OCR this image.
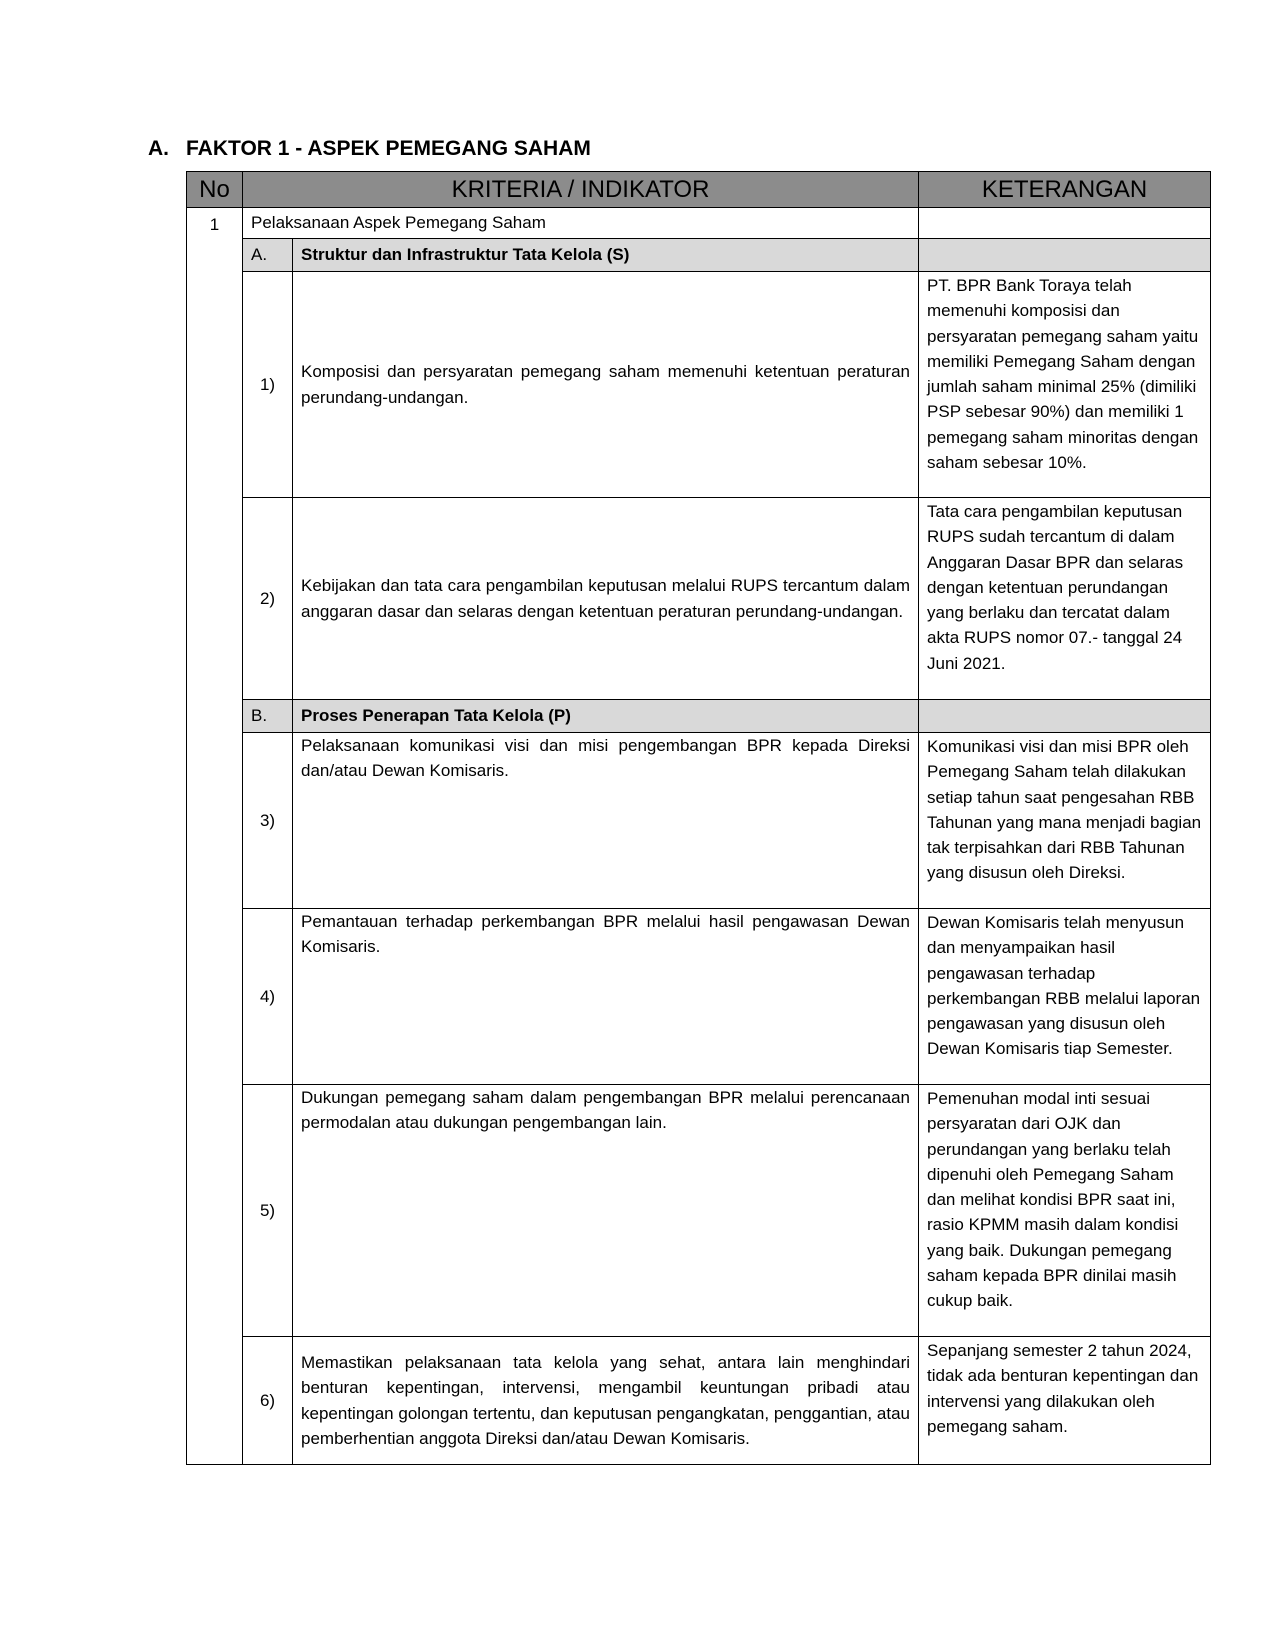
A. FAKTOR 1 - ASPEK PEMEGANG SAHAM
No	KRITERIA / INDIKATOR		KETERANGAN
1	Pelaksanaan Aspek Pemegang Saham		
	A.	Struktur dan Infrastruktur Tata Kelola (S)	
	1)	Komposisi dan persyaratan pemegang saham memenuhi ketentuan peraturan perundang-undangan.	PT. BPR Bank Toraya telah memenuhi komposisi dan persyaratan pemegang saham yaitu memiliki Pemegang Saham dengan jumlah saham minimal 25% (dimiliki PSP sebesar 90%) dan memiliki 1 pemegang saham minoritas dengan saham sebesar 10%.
	2)	Kebijakan dan tata cara pengambilan keputusan melalui RUPS tercantum dalam anggaran dasar dan selaras dengan ketentuan peraturan perundang-undangan.	Tata cara pengambilan keputusan RUPS sudah tercantum di dalam Anggaran Dasar BPR dan selaras dengan ketentuan perundangan yang berlaku dan tercatat dalam akta RUPS nomor 07.- tanggal 24 Juni 2021.
	B.	Proses Penerapan Tata Kelola (P)	
	3)	Pelaksanaan komunikasi visi dan misi pengembangan BPR kepada Direksi dan/atau Dewan Komisaris.	Komunikasi visi dan misi BPR oleh Pemegang Saham telah dilakukan setiap tahun saat pengesahan RBB Tahunan yang mana menjadi bagian tak terpisahkan dari RBB Tahunan yang disusun oleh Direksi.
	4)	Pemantauan terhadap perkembangan BPR melalui hasil pengawasan Dewan Komisaris.	Dewan Komisaris telah menyusun dan menyampaikan hasil pengawasan terhadap perkembangan RBB melalui laporan pengawasan yang disusun oleh Dewan Komisaris tiap Semester.
	5)	Dukungan pemegang saham dalam pengembangan BPR melalui perencanaan permodalan atau dukungan pengembangan lain.	Pemenuhan modal inti sesuai persyaratan dari OJK dan perundangan yang berlaku telah dipenuhi oleh Pemegang Saham dan melihat kondisi BPR saat ini, rasio KPMM masih dalam kondisi yang baik. Dukungan pemegang saham kepada BPR dinilai masih cukup baik.
	6)	Memastikan pelaksanaan tata kelola yang sehat, antara lain menghindari benturan kepentingan, intervensi, mengambil keuntungan pribadi atau kepentingan golongan tertentu, dan keputusan pengangkatan, penggantian, atau pemberhentian anggota Direksi dan/atau Dewan Komisaris.	Sepanjang semester 2 tahun 2024, tidak ada benturan kepentingan dan intervensi yang dilakukan oleh pemegang saham.
